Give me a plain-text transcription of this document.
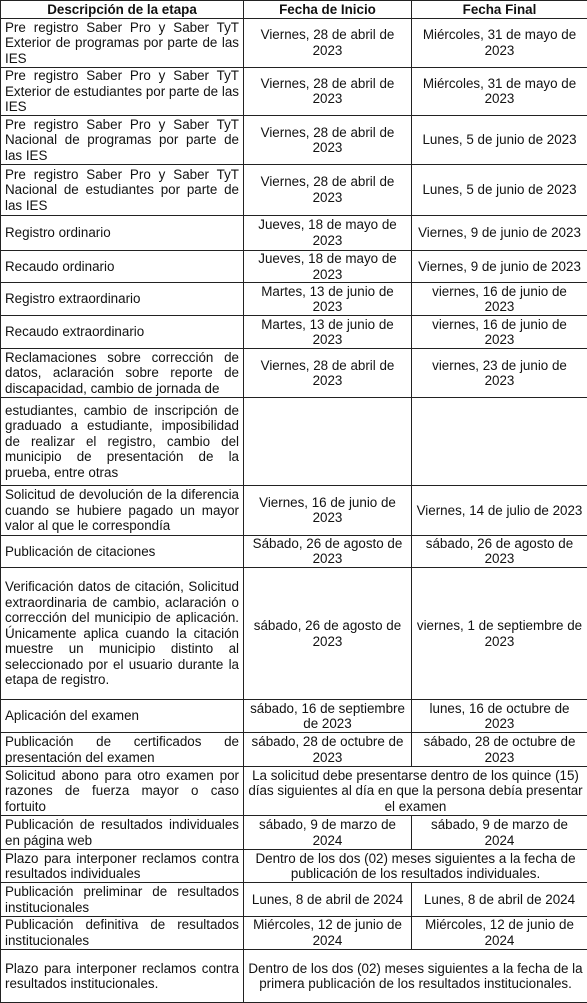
Descripción de la etapa	Fecha de Inicio	Fecha Final
Pre registro Saber Pro y Saber TyT Exterior de programas por parte de las IES	Viernes, 28 de abril de 2023	Miércoles, 31 de mayo de 2023
Pre registro Saber Pro y Saber TyT Exterior de estudiantes por parte de las IES	Viernes, 28 de abril de 2023	Miércoles, 31 de mayo de 2023
Pre registro Saber Pro y Saber TyT Nacional de programas por parte de las IES	Viernes, 28 de abril de 2023	Lunes, 5 de junio de 2023
Pre registro Saber Pro y Saber TyT Nacional de estudiantes por parte de las IES	Viernes, 28 de abril de 2023	Lunes, 5 de junio de 2023
Registro ordinario	Jueves, 18 de mayo de 2023	Viernes, 9 de junio de 2023
Recaudo ordinario	Jueves, 18 de mayo de 2023	Viernes, 9 de junio de 2023
Registro extraordinario	Martes, 13 de junio de 2023	viernes, 16 de junio de 2023
Recaudo extraordinario	Martes, 13 de junio de 2023	viernes, 16 de junio de 2023
Reclamaciones sobre corrección de datos, aclaración sobre reporte de discapacidad, cambio de jornada de	Viernes, 28 de abril de 2023	viernes, 23 de junio de 2023
estudiantes, cambio de inscripción de graduado a estudiante, imposibilidad de realizar el registro, cambio del municipio de presentación de la prueba, entre otras		
Solicitud de devolución de la diferencia cuando se hubiere pagado un mayor valor al que le correspondía	Viernes, 16 de junio de 2023	Viernes, 14 de julio de 2023
Publicación de citaciones	Sábado, 26 de agosto de 2023	sábado, 26 de agosto de 2023
Verificación datos de citación, Solicitud extraordinaria de cambio, aclaración o corrección del municipio de aplicación. Únicamente aplica cuando la citación muestre un municipio distinto al seleccionado por el usuario durante la etapa de registro.	sábado, 26 de agosto de 2023	viernes, 1 de septiembre de 2023
Aplicación del examen	sábado, 16 de septiembre de 2023	lunes, 16 de octubre de 2023
Publicación de certificados de presentación del examen	sábado, 28 de octubre de 2023	sábado, 28 de octubre de 2023
Solicitud abono para otro examen por razones de fuerza mayor o caso fortuito	La solicitud debe presentarse dentro de los quince (15) días siguientes al día en que la persona debía presentar el examen	
Publicación de resultados individuales en página web	sábado, 9 de marzo de 2024	sábado, 9 de marzo de 2024
Plazo para interponer reclamos contra resultados individuales	Dentro de los dos (02) meses siguientes a la fecha de publicación de los resultados individuales.	
Publicación preliminar de resultados institucionales	Lunes, 8 de abril de 2024	Lunes, 8 de abril de 2024
Publicación definitiva de resultados institucionales	Miércoles, 12 de junio de 2024	Miércoles, 12 de junio de 2024
Plazo para interponer reclamos contra resultados institucionales.	Dentro de los dos (02) meses siguientes a la fecha de la primera publicación de los resultados institucionales.	
